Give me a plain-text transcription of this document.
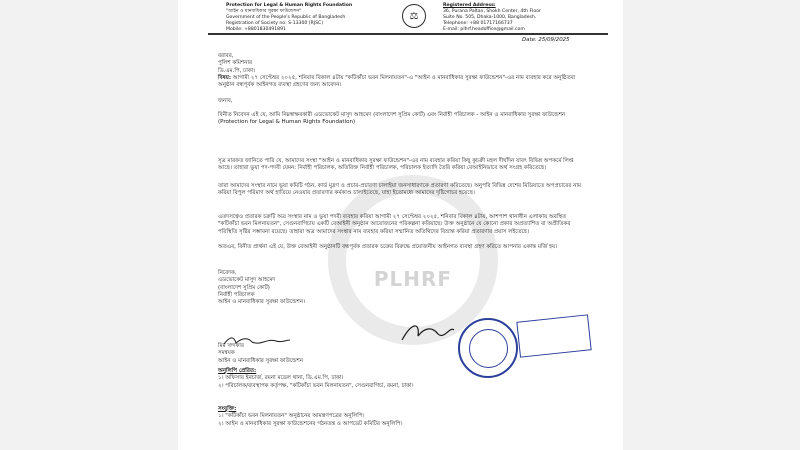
Protection for Legal & Human Rights Foundation
"আইন ও মানবাধিকার সুরক্ষা ফাউন্ডেশন"
Government of the People's Republic of Bangladesh
Registration of Society no: S-13300 (RJSC)
Mobile: +8801830491891
⚖
Registered Address:
36, Purana Paltan, Shokh Center, 4th Floor
Suite No. 505, Dhaka-1000, Bangladesh.
Telephone: +88 01717166737
E-mail: plhrf.headoffice@gmail.com
Date: 25/09/2025
PLHRF

বরাবর,

পুলিশ কমিশনার

ডি.এম.পি, ঢাকা।

বিষয়: আগামী ২৭ সেপ্টেম্বর ২০২৫, শনিবার বিকাল ৪টায় "কটিকাঁচা ভবন মিলনায়তন"-এ "আইন ও মানবাধিকার সুরক্ষা ফাউন্ডেশন"-এর নাম ব্যবহার করে অনুষ্ঠিতব্য অনুষ্ঠান বন্ধপূর্বক আইনগত ব্যবস্থা গ্রহণের জন্য আবেদন।

জনাব,
বিনীত নিবেদন এই যে, আমি নিম্নস্বাক্ষরকারী এডভোকেট মাসুদ আহমেদ (বাংলাদেশ সুপ্রিম কোর্ট) এবং নির্বাহী পরিচালক - আইন ও মানবাধিকার সুরক্ষা ফাউন্ডেশন (Protection for Legal & Human Rights Foundation)
সূত্র মারফত জানিতে পারি যে, আমাদের সংস্থা "আইন ও মানবাধিকার সুরক্ষা ফাউন্ডেশন"-এর নাম ব্যবহার করিয়া কিছু কুচক্রী মহল দীর্ঘদিন যাবৎ বিভিন্ন অপকর্মে লিপ্ত আছে। তাহারা ভুয়া পদ-পদবী যেমন: নির্বাহী পরিচালক, অতিরিক্ত নির্বাহী পরিচালক, পরিচালক ইত্যাদি তৈরি করিয়া বেআইনিভাবে অর্থ সংগ্রহ করিতেছে।
তারা আমাদের সংস্থার নামে ভুয়া কমিটি গঠন, কার্ড মুদ্রণ ও প্রচার-প্রচারণা চালাইয়া জনসাধারণকে প্রতারণা করিতেছে। অনুপরি বিভিন্ন দেশের মিডিয়াতে অপপ্রচারের নাম করিয়া বিপুল পরিমাণ অর্থ হাতিয়ে নেওয়ার প্রতারণার কর্মকাণ্ড চালাইতেছে, যাহা ইতোমধ্যে আমাদের দৃষ্টিগোচর হয়েছে।
এতদসত্বেও প্রতারক চক্রটি অত্র সংস্থার নাম ও ভুয়া পদবী ব্যবহার করিয়া আগামী ২৭ সেপ্টেম্বর ২০২৫, শনিবার বিকাল ৪টায়, আশপাশ থানাধীন এলাকায় অবস্থিত "কটিকাঁচা ভবন মিলনায়তন", সেগুনবাগিচায় একটি বেআইনী অনুষ্ঠান আয়োজনের পরিকল্পনা করিয়াছে। উক্ত অনুষ্ঠানে যে কোনো প্রকার অপ্রত্যাশিত বা অপ্রীতিকর পরিস্থিতি সৃষ্টির সম্ভাবনা রয়েছে। তাহারা অত্র আমাদের সংস্থার নাম ব্যবহার করিয়া সম্মানিত অতিথিদের বিভ্রান্ত করিয়া প্রতারণার প্রয়াস লইতেছে।
অতএব, বিনীত প্রার্থনা এই যে, উক্ত বেআইনী অনুষ্ঠানটি বন্ধপূর্বক প্রতারক চক্রের বিরুদ্ধে প্রয়োজনীয় আইনগত ব্যবস্থা গ্রহণ করিতে আপনার একান্ত মর্জি হয়।

নিবেদক,

এডভোকেট মাসুদ আহমেদ

(বাংলাদেশ সুপ্রিম কোর্ট)

নির্বাহী পরিচালক

আইন ও মানবাধিকার সুরক্ষা ফাউন্ডেশন।

মিম খন্দকার

সমন্বয়ক

আইন ও মানবাধিকার সুরক্ষা ফাউন্ডেশন

অনুলিপি প্রেরিত:

১। অফিসার ইনচার্জ, রমনা মডেল থানা, ডি.এম.পি, ঢাকা।

২। পরিচালক/ব্যবস্থাপক কর্তৃপক্ষ, "কটিকাঁচা ভবন মিলনায়তন", সেগুনবাগিচা, রমনা, ঢাকা।

সংযুক্তি:

১। "কটিকাঁচা ভবন মিলনায়তন" অনুষ্ঠানের আমন্ত্রণপত্রের অনুলিপি।

২। আইন ও মানবাধিকার সুরক্ষা ফাউন্ডেশনের গঠনতন্ত্র ও আপডেট কমিটির অনুলিপি।
